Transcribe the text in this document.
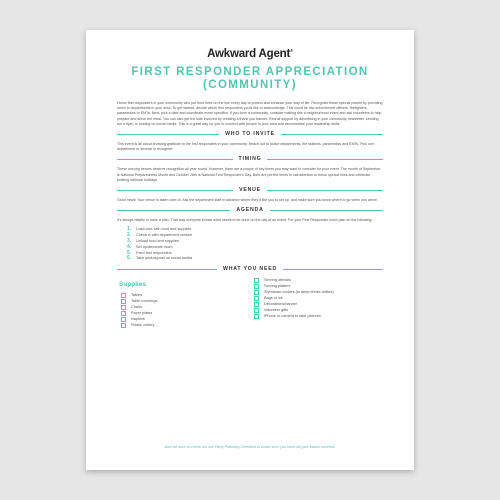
Awkward Agent®
FIRST RESPONDER APPRECIATION (COMMUNITY)

Honor first responders in your community who put their lives on the line every day to protect and enhance your way of life. Recognize these special people by providing lunch to departments in your area. To get started, decide which first responders you'd like to acknowledge. This could be law enforcement officers, firefighters, paramedics or EMTs. Next, pick a date and coordinate event specifics. If you form a community, consider making this a neighborhood event and ask volunteers to help prepare and serve the meal. You can also get the kids involved by creating a thank you banner. Recruit support by advertising in your community newsletter, sending out a flyer, or posting on social media. This is a great way for you to connect with people in your area and demonstrate your leadership skills.

WHO TO INVITE

This event is all about showing gratitude to the first responders in your community. Reach out to police departments, fire stations, paramedics and EMTs. Pick one department or several to recognize.

TIMING

These unsung heroes deserve recognition all year round. However, there are a couple of key times you may want to consider for your event. The month of September is National Preparedness Month and October 28th is National First Responder's Day. Both are perfect times to call attention to these special folks and celebrate existing national holidays.

VENUE

Good news! Your venue is taken care of. Ask the department staff in advance where they'd like you to set up, and make sure you know where to go when you arrive.

AGENDA

It's always helpful to have a plan. That way everyone knows what needs to be done on the day of an event. For your First Responder lunch plan on the following:

1.	Load cars with food and supplies
2.	Check in with department contact
3.	Unload food and supplies
4.	Set up/decorate room
5.	Feed first responders
6.	Take photos/post on social media
WHAT YOU NEED
Supplies
Tables
Table coverings
Chairs
Paper plates
Napkins
Plastic cutlery
Serving utensils
Serving platters
Styrofoam coolers (to keep drinks chilled)
Bags of ice
Decorations/banner
Volunteer gifts
iPhone or camera to take pictures
Also be sure to check out our Party Planning Checklist to make sure you have all your bases covered.
